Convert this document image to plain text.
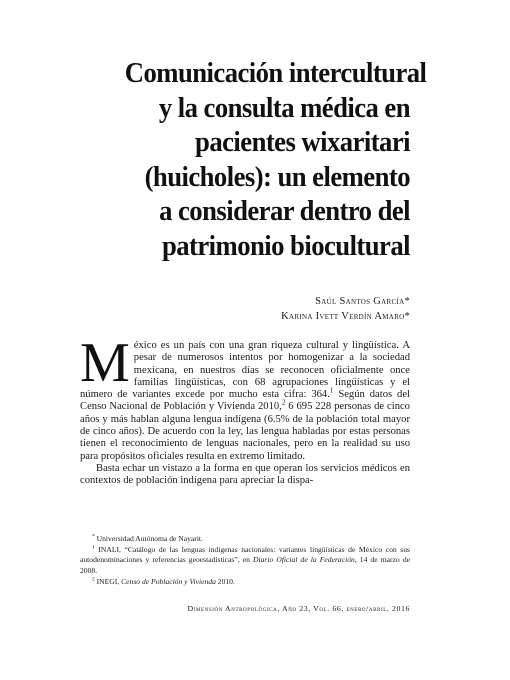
Comunicación intercultural
y la consulta médica en
pacientes wixaritari
(huicholes): un elemento
a considerar dentro del
patrimonio biocultural
Saúl Santos García*
Karina Ivett Verdín Amaro*

México es un país con una gran riqueza cultural y lingüística. A pesar de numerosos intentos por homogenizar a la sociedad mexicana, en nuestros días se reconocen oficialmente once familias lingüísticas, con 68 agrupaciones lingüísticas y el número de variantes excede por mucho esta cifra: 364.$^1$ Según datos del Censo Nacional de Población y Vivienda 2010,$^2$ 6 695 228 personas de cinco años y más hablan alguna lengua indígena (6.5% de la población total mayor de cinco años). De acuerdo con la ley, las lengua habladas por estas personas tienen el reconocimiento de lenguas nacionales, pero en la realidad su uso para propósitos oficiales resulta en extremo limitado.

Basta echar un vistazo a la forma en que operan los servicios médicos en contextos de población indígena para apreciar la dispa-

* Universidad Autónoma de Nayarit.

$^1$ INALI, “Catálogo de las lenguas indígenas nacionales: variantes lingüísticas de México con sus autodenominaciones y referencias geoestadísticas”, en Diario Oficial de la Federación, 14 de marzo de 2008.

$^2$ INEGI, Censo de Población y Vivienda 2010.

Dimensión Antropológica, Año 23, Vol. 66, enero/abril, 2016
